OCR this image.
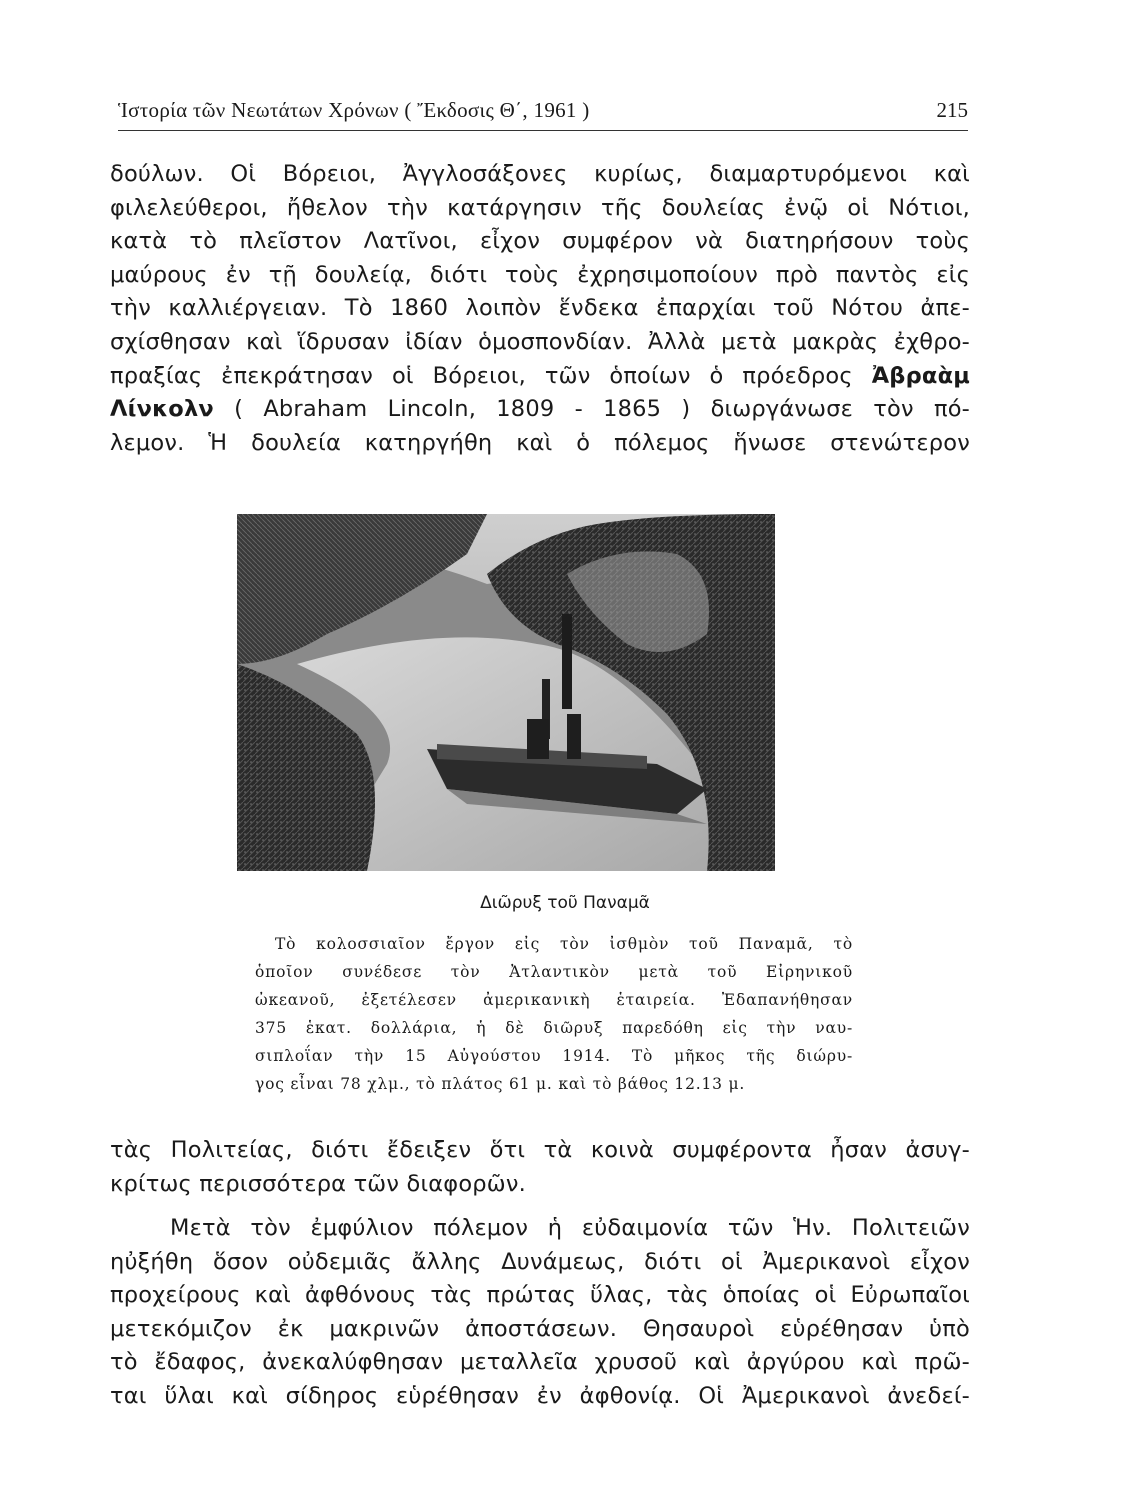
Ἱστορία τῶν Νεωτάτων Χρόνων ( Ἔκδοσις Θ΄, 1961 )	215
δούλων. Οἱ Βόρειοι, Ἀγγλοσάξονες κυρίως, διαμαρτυρόμενοι καὶ
φιλελεύθεροι, ἤθελον τὴν κατάργησιν τῆς δουλείας ἐνῷ οἱ Νότιοι,
κατὰ τὸ πλεῖστον Λατῖνοι, εἶχον συμφέρον νὰ διατηρήσουν τοὺς
μαύρους ἐν τῇ δουλείᾳ, διότι τοὺς ἐχρησιμοποίουν πρὸ παντὸς εἰς
τὴν καλλιέργειαν. Τὸ 1860 λοιπὸν ἕνδεκα ἐπαρχίαι τοῦ Νότου ἀπε-
σχίσθησαν καὶ ἵδρυσαν ἰδίαν ὁμοσπονδίαν. Ἀλλὰ μετὰ μακρὰς ἐχθρο-
πραξίας ἐπεκράτησαν οἱ Βόρειοι, τῶν ὁποίων ὁ πρόεδρος Ἀβραὰμ
Λίνκολν ( Abraham Lincoln, 1809 - 1865 ) διωργάνωσε τὸν πό-
λεμον. Ἡ δουλεία κατηργήθη καὶ ὁ πόλεμος ἥνωσε στενώτερον
Διῶρυξ τοῦ Παναμᾶ
Τὸ κολοσσιαῖον ἔργον εἰς τὸν ἰσθμὸν τοῦ Παναμᾶ, τὸ
ὁποῖον συνέδεσε τὸν Ἀτλαντικὸν μετὰ τοῦ Εἰρηνικοῦ
ὠκεανοῦ, ἐξετέλεσεν ἀμερικανικὴ ἑταιρεία. Ἐδαπανήθησαν
375 ἑκατ. δολλάρια, ἡ δὲ διῶρυξ παρεδόθη εἰς τὴν ναυ-
σιπλοΐαν τὴν 15 Αὐγούστου 1914. Τὸ μῆκος τῆς διώρυ-
γος εἶναι 78 χλμ., τὸ πλάτος 61 μ. καὶ τὸ βάθος 12.13 μ.
τὰς Πολιτείας, διότι ἔδειξεν ὅτι τὰ κοινὰ συμφέροντα ἦσαν ἀσυγ-
κρίτως περισσότερα τῶν διαφορῶν.
Μετὰ τὸν ἐμφύλιον πόλεμον ἡ εὐδαιμονία τῶν Ἡν. Πολιτειῶν
ηὐξήθη ὅσον οὐδεμιᾶς ἄλλης Δυνάμεως, διότι οἱ Ἀμερικανοὶ εἶχον
προχείρους καὶ ἀφθόνους τὰς πρώτας ὕλας, τὰς ὁποίας οἱ Εὐρωπαῖοι
μετεκόμιζον ἐκ μακρινῶν ἀποστάσεων. Θησαυροὶ εὑρέθησαν ὑπὸ
τὸ ἔδαφος, ἀνεκαλύφθησαν μεταλλεῖα χρυσοῦ καὶ ἀργύρου καὶ πρῶ-
ται ὕλαι καὶ σίδηρος εὑρέθησαν ἐν ἀφθονίᾳ. Οἱ Ἀμερικανοὶ ἀνεδεί-
